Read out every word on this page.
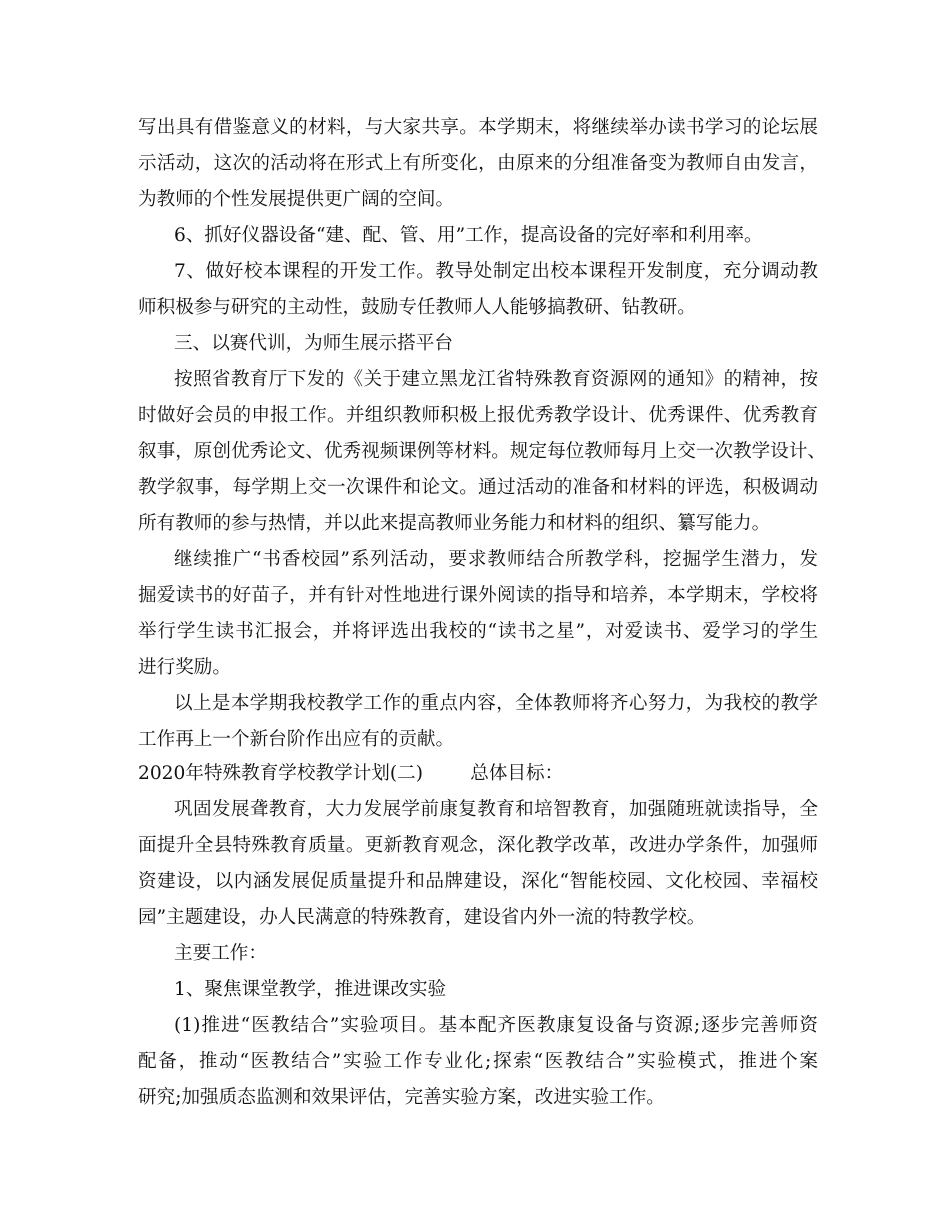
写出具有借鉴意义的材料，与大家共享。本学期末，将继续举办读书学习的论坛展
示活动，这次的活动将在形式上有所变化，由原来的分组准备变为教师自由发言，
为教师的个性发展提供更广阔的空间。
6、抓好仪器设备“建、配、管、用”工作，提高设备的完好率和利用率。
7、做好校本课程的开发工作。教导处制定出校本课程开发制度，充分调动教
师积极参与研究的主动性，鼓励专任教师人人能够搞教研、钻教研。
三、以赛代训，为师生展示搭平台
按照省教育厅下发的《关于建立黑龙江省特殊教育资源网的通知》的精神，按
时做好会员的申报工作。并组织教师积极上报优秀教学设计、优秀课件、优秀教育
叙事，原创优秀论文、优秀视频课例等材料。规定每位教师每月上交一次教学设计、
教学叙事，每学期上交一次课件和论文。通过活动的准备和材料的评选，积极调动
所有教师的参与热情，并以此来提高教师业务能力和材料的组织、纂写能力。
继续推广“书香校园”系列活动，要求教师结合所教学科，挖掘学生潜力，发
掘爱读书的好苗子，并有针对性地进行课外阅读的指导和培养，本学期末，学校将
举行学生读书汇报会，并将评选出我校的“读书之星”，对爱读书、爱学习的学生
进行奖励。
以上是本学期我校教学工作的重点内容，全体教师将齐心努力，为我校的教学
工作再上一个新台阶作出应有的贡献。
2020年特殊教育学校教学计划(二)        总体目标：
巩固发展聋教育，大力发展学前康复教育和培智教育，加强随班就读指导，全
面提升全县特殊教育质量。更新教育观念，深化教学改革，改进办学条件，加强师
资建设，以内涵发展促质量提升和品牌建设，深化“智能校园、文化校园、幸福校
园”主题建设，办人民满意的特殊教育，建设省内外一流的特教学校。
主要工作：
1、聚焦课堂教学，推进课改实验
(1)推进“医教结合”实验项目。基本配齐医教康复设备与资源;逐步完善师资
配备，推动“医教结合”实验工作专业化;探索“医教结合”实验模式，推进个案
研究;加强质态监测和效果评估，完善实验方案，改进实验工作。
